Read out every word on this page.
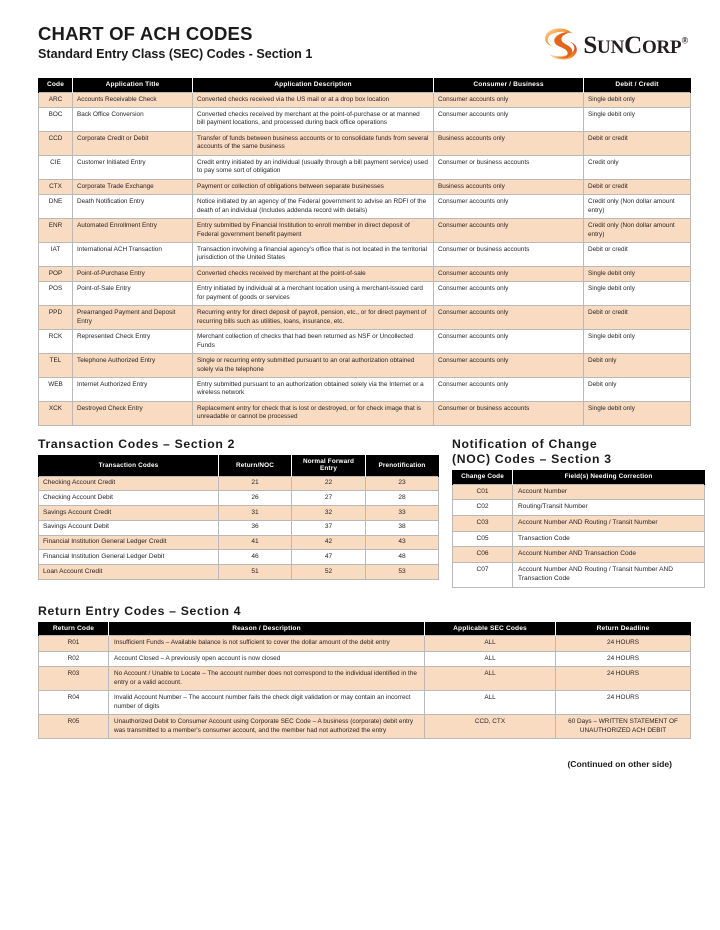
CHART OF ACH CODES
Standard Entry Class (SEC) Codes - Section 1	SUNCORP®
Code	Application Title	Application Description	Consumer / Business	Debit / Credit
ARC	Accounts Receivable Check	Converted checks received via the US mail or at a drop box location	Consumer accounts only	Single debit only
BOC	Back Office Conversion	Converted checks received by merchant at the point-of-purchase or at manned bill payment locations, and processed during back office operations	Consumer accounts only	Single debit only
CCD	Corporate Credit or Debit	Transfer of funds between business accounts or to consolidate funds from several accounts of the same business	Business accounts only	Debit or credit
CIE	Customer Initiated Entry	Credit entry initiated by an individual (usually through a bill payment service) used to pay some sort of obligation	Consumer or business accounts	Credit only
CTX	Corporate Trade Exchange	Payment or collection of obligations between separate businesses	Business accounts only	Debit or credit
DNE	Death Notification Entry	Notice initiated by an agency of the Federal government to advise an RDFI of the death of an individual (Includes addenda record with details)	Consumer accounts only	Credit only (Non dollar amount entry)
ENR	Automated Enrollment Entry	Entry submitted by Financial Institution to enroll member in direct deposit of Federal government benefit payment	Consumer accounts only	Credit only (Non dollar amount entry)
IAT	International ACH Transaction	Transaction involving a financial agency's office that is not located in the territorial jurisdiction of the United States	Consumer or business accounts	Debit or credit
POP	Point-of-Purchase Entry	Converted checks received by merchant at the point-of-sale	Consumer accounts only	Single debit only
POS	Point-of-Sale Entry	Entry initiated by individual at a merchant location using a merchant-issued card for payment of goods or services	Consumer accounts only	Single debit only
PPD	Prearranged Payment and Deposit Entry	Recurring entry for direct deposit of payroll, pension, etc., or for direct payment of recurring bills such as utilities, loans, insurance, etc.	Consumer accounts only	Debit or credit
RCK	Represented Check Entry	Merchant collection of checks that had been returned as NSF or Uncollected Funds	Consumer accounts only	Single debit only
TEL	Telephone Authorized Entry	Single or recurring entry submitted pursuant to an oral authorization obtained solely via the telephone	Consumer accounts only	Debit only
WEB	Internet Authorized Entry	Entry submitted pursuant to an authorization obtained solely via the Internet or a wireless network	Consumer accounts only	Debit only
XCK	Destroyed Check Entry	Replacement entry for check that is lost or destroyed, or for check image that is unreadable or cannot be processed	Consumer or business accounts	Single debit only
Transaction Codes – Section 2
Transaction Codes	Return/NOC	Normal Forward Entry	Prenotification
Checking Account Credit	21	22	23
Checking Account Debit	26	27	28
Savings Account Credit	31	32	33
Savings Account Debit	36	37	38
Financial Institution General Ledger Credit	41	42	43
Financial Institution General Ledger Debit	46	47	48
Loan Account Credit	51	52	53
Notification of Change
(NOC) Codes – Section 3
Change Code	Field(s) Needing Correction
C01	Account Number
C02	Routing/Transit Number
C03	Account Number AND Routing / Transit Number
C05	Transaction Code
C06	Account Number AND Transaction Code
C07	Account Number AND Routing / Transit Number AND Transaction Code
Return Entry Codes – Section 4
Return Code	Reason / Description	Applicable SEC Codes	Return Deadline
R01	Insufficient Funds – Available balance is not sufficient to cover the dollar amount of the debit entry	ALL	24 HOURS
R02	Account Closed – A previously open account is now closed	ALL	24 HOURS
R03	No Account / Unable to Locate – The account number does not correspond to the individual identified in the entry or a valid account.	ALL	24 HOURS
R04	Invalid Account Number – The account number fails the check digit validation or may contain an incorrect number of digits	ALL	24 HOURS
R05	Unauthorized Debit to Consumer Account using Corporate SEC Code – A business (corporate) debit entry was transmitted to a member's consumer account, and the member had not authorized the entry	CCD, CTX	60 Days – WRITTEN STATEMENT OF UNAUTHORIZED ACH DEBIT
(Continued on other side)
